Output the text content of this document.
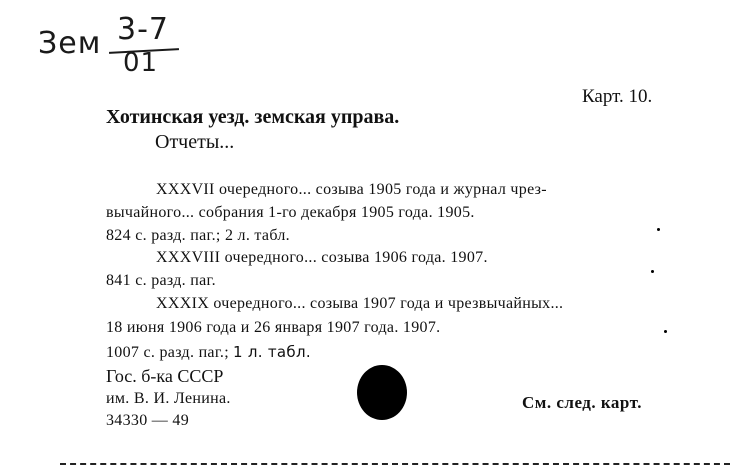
Зем 3-7
01
Карт. 10.
Хотинская уезд. земская управа.
Отчеты...
XXXVII очередного... созыва 1905 года и журнал чрез-
вычайного... собрания 1-го декабря 1905 года. 1905.
824 с. разд. паг.; 2 л. табл.
XXXVIII очередного... созыва 1906 года. 1907.
841 с. разд. паг.
XXXIX очередного... созыва 1907 года и чрезвычайных...
18 июня 1906 года и 26 января 1907 года. 1907.
1007 с. разд. паг.; 1 л. табл.
Гос. б-ка СССР
им. В. И. Ленина.
34330 — 49
См. след. карт.
